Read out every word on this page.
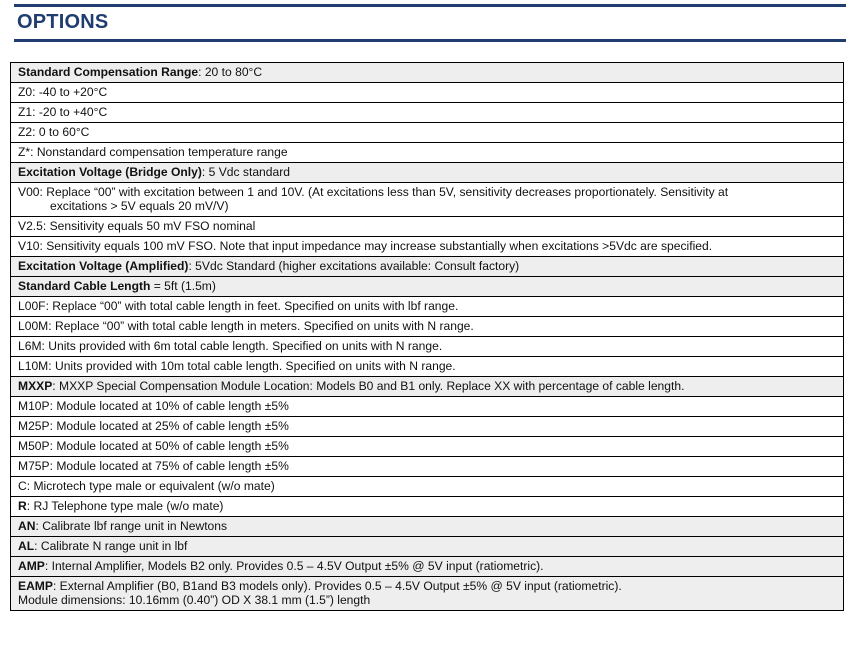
OPTIONS
Standard Compensation Range: 20 to 80°C
Z0: -40 to +20°C
Z1: -20 to +40°C
Z2: 0 to 60°C
Z*: Nonstandard compensation temperature range
Excitation Voltage (Bridge Only): 5 Vdc standard
V00: Replace “00” with excitation between 1 and 10V. (At excitations less than 5V, sensitivity decreases proportionately. Sensitivity at
excitations > 5V equals 20 mV/V)
V2.5: Sensitivity equals 50 mV FSO nominal
V10: Sensitivity equals 100 mV FSO. Note that input impedance may increase substantially when excitations >5Vdc are specified.
Excitation Voltage (Amplified): 5Vdc Standard (higher excitations available: Consult factory)
Standard Cable Length = 5ft (1.5m)
L00F: Replace “00” with total cable length in feet. Specified on units with lbf range.
L00M: Replace “00” with total cable length in meters. Specified on units with N range.
L6M: Units provided with 6m total cable length. Specified on units with N range.
L10M: Units provided with 10m total cable length. Specified on units with N range.
MXXP: MXXP Special Compensation Module Location: Models B0 and B1 only. Replace XX with percentage of cable length.
M10P: Module located at 10% of cable length ±5%
M25P: Module located at 25% of cable length ±5%
M50P: Module located at 50% of cable length ±5%
M75P: Module located at 75% of cable length ±5%
C: Microtech type male or equivalent (w/o mate)
R: RJ Telephone type male (w/o mate)
AN: Calibrate lbf range unit in Newtons
AL: Calibrate N range unit in lbf
AMP: Internal Amplifier, Models B2 only. Provides 0.5 – 4.5V Output ±5% @ 5V input (ratiometric).
EAMP: External Amplifier (B0, B1and B3 models only). Provides 0.5 – 4.5V Output ±5% @ 5V input (ratiometric).
Module dimensions: 10.16mm (0.40”) OD X 38.1 mm (1.5”) length
